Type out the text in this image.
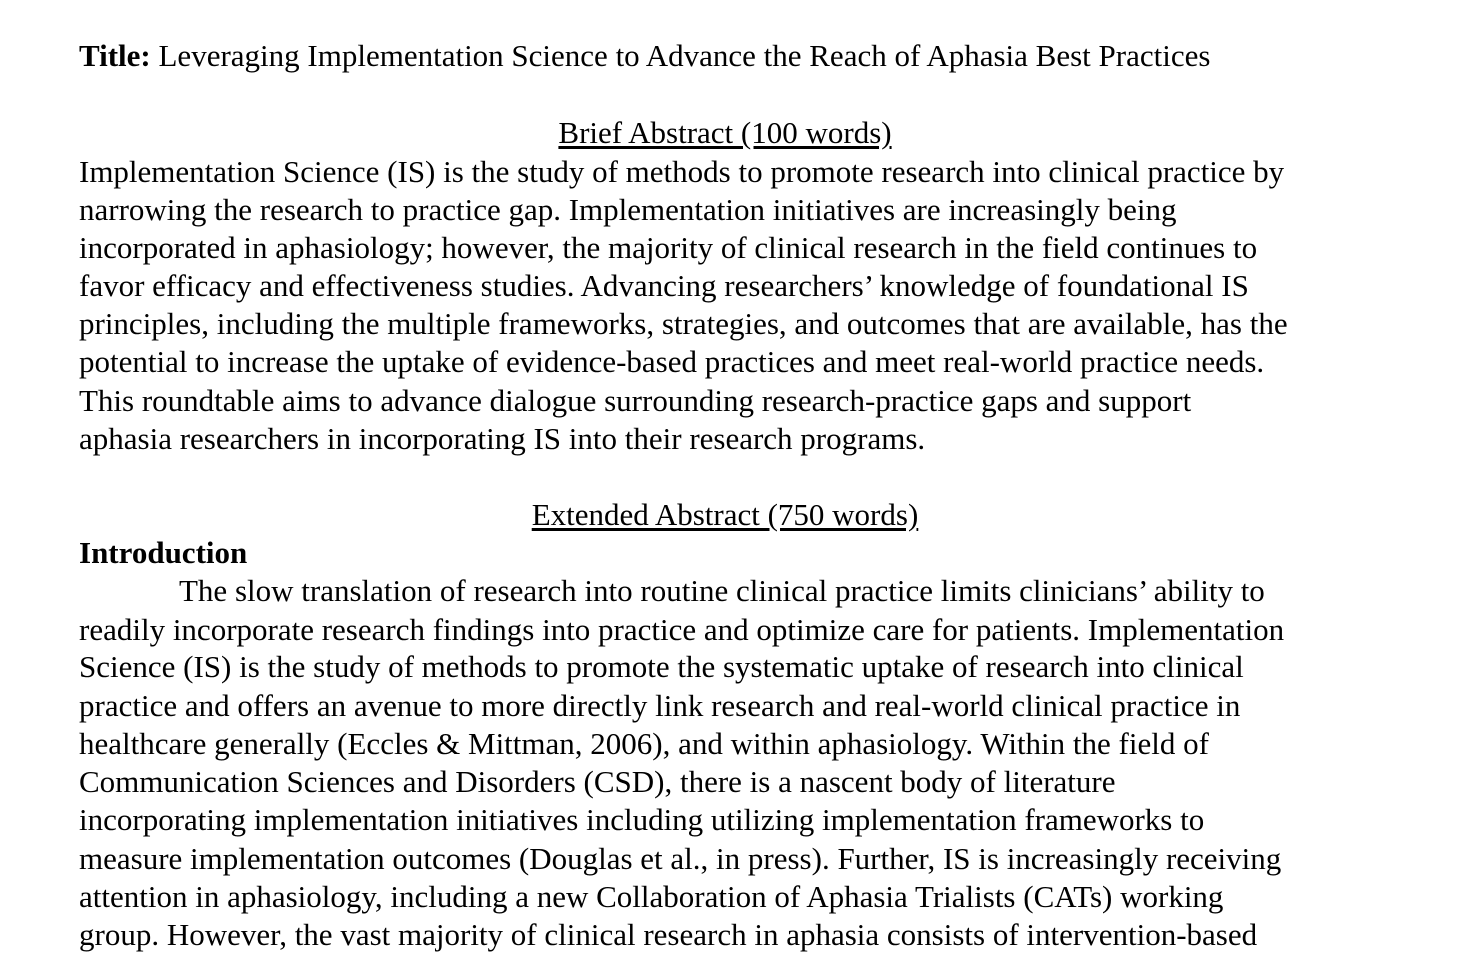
Title: Leveraging Implementation Science to Advance the Reach of Aphasia Best Practices
Brief Abstract (100 words)
Implementation Science (IS) is the study of methods to promote research into clinical practice by
narrowing the research to practice gap. Implementation initiatives are increasingly being
incorporated in aphasiology; however, the majority of clinical research in the field continues to
favor efficacy and effectiveness studies. Advancing researchers’ knowledge of foundational IS
principles, including the multiple frameworks, strategies, and outcomes that are available, has the
potential to increase the uptake of evidence-based practices and meet real-world practice needs.
This roundtable aims to advance dialogue surrounding research-practice gaps and support
aphasia researchers in incorporating IS into their research programs.
Extended Abstract (750 words)
Introduction
The slow translation of research into routine clinical practice limits clinicians’ ability to
readily incorporate research findings into practice and optimize care for patients. Implementation
Science (IS) is the study of methods to promote the systematic uptake of research into clinical
practice and offers an avenue to more directly link research and real-world clinical practice in
healthcare generally (Eccles & Mittman, 2006), and within aphasiology. Within the field of
Communication Sciences and Disorders (CSD), there is a nascent body of literature
incorporating implementation initiatives including utilizing implementation frameworks to
measure implementation outcomes (Douglas et al., in press). Further, IS is increasingly receiving
attention in aphasiology, including a new Collaboration of Aphasia Trialists (CATs) working
group. However, the vast majority of clinical research in aphasia consists of intervention-based
